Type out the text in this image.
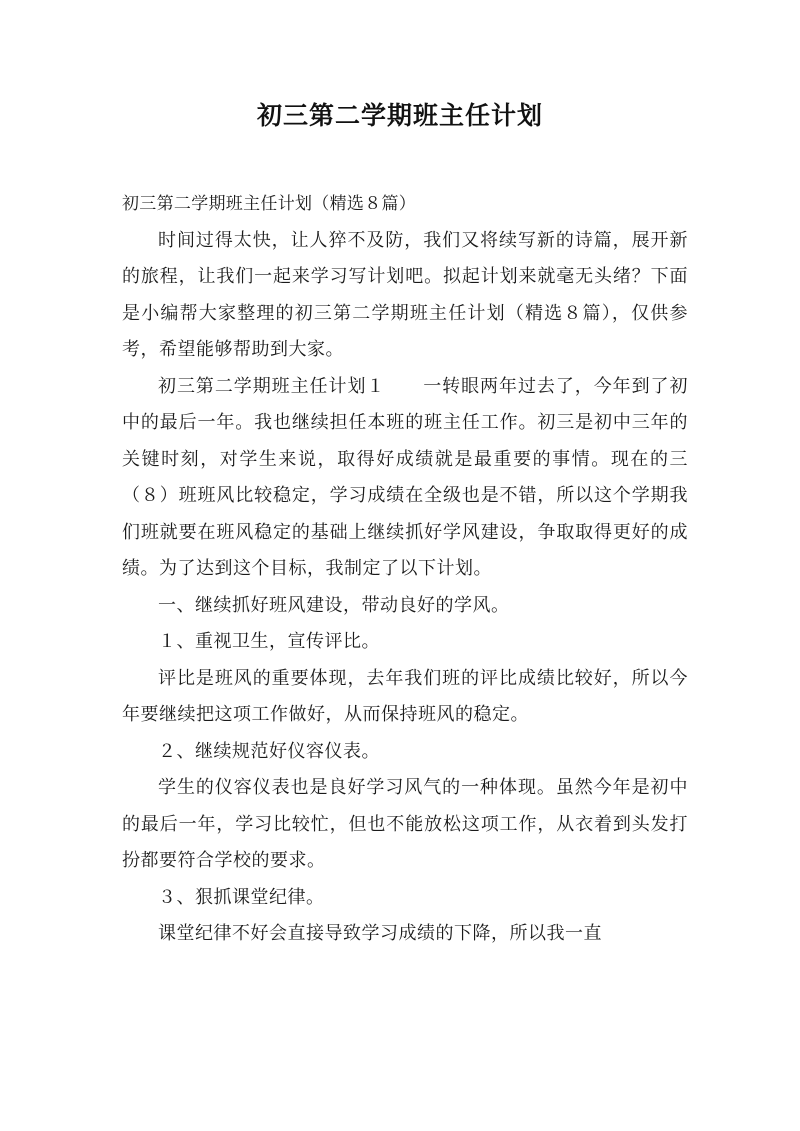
初三第二学期班主任计划

初三第二学期班主任计划（精选８篇）

时间过得太快，让人猝不及防，我们又将续写新的诗篇，展开新的旅程，让我们一起来学习写计划吧。拟起计划来就毫无头绪？下面是小编帮大家整理的初三第二学期班主任计划（精选８篇），仅供参考，希望能够帮助到大家。

初三第二学期班主任计划１　　一转眼两年过去了，今年到了初中的最后一年。我也继续担任本班的班主任工作。初三是初中三年的关键时刻，对学生来说，取得好成绩就是最重要的事情。现在的三（８）班班风比较稳定，学习成绩在全级也是不错，所以这个学期我们班就要在班风稳定的基础上继续抓好学风建设，争取取得更好的成绩。为了达到这个目标，我制定了以下计划。

一、继续抓好班风建设，带动良好的学风。

１、重视卫生，宣传评比。

评比是班风的重要体现，去年我们班的评比成绩比较好，所以今年要继续把这项工作做好，从而保持班风的稳定。

２、继续规范好仪容仪表。

学生的仪容仪表也是良好学习风气的一种体现。虽然今年是初中的最后一年，学习比较忙，但也不能放松这项工作，从衣着到头发打扮都要符合学校的要求。

３、狠抓课堂纪律。

课堂纪律不好会直接导致学习成绩的下降，所以我一直
